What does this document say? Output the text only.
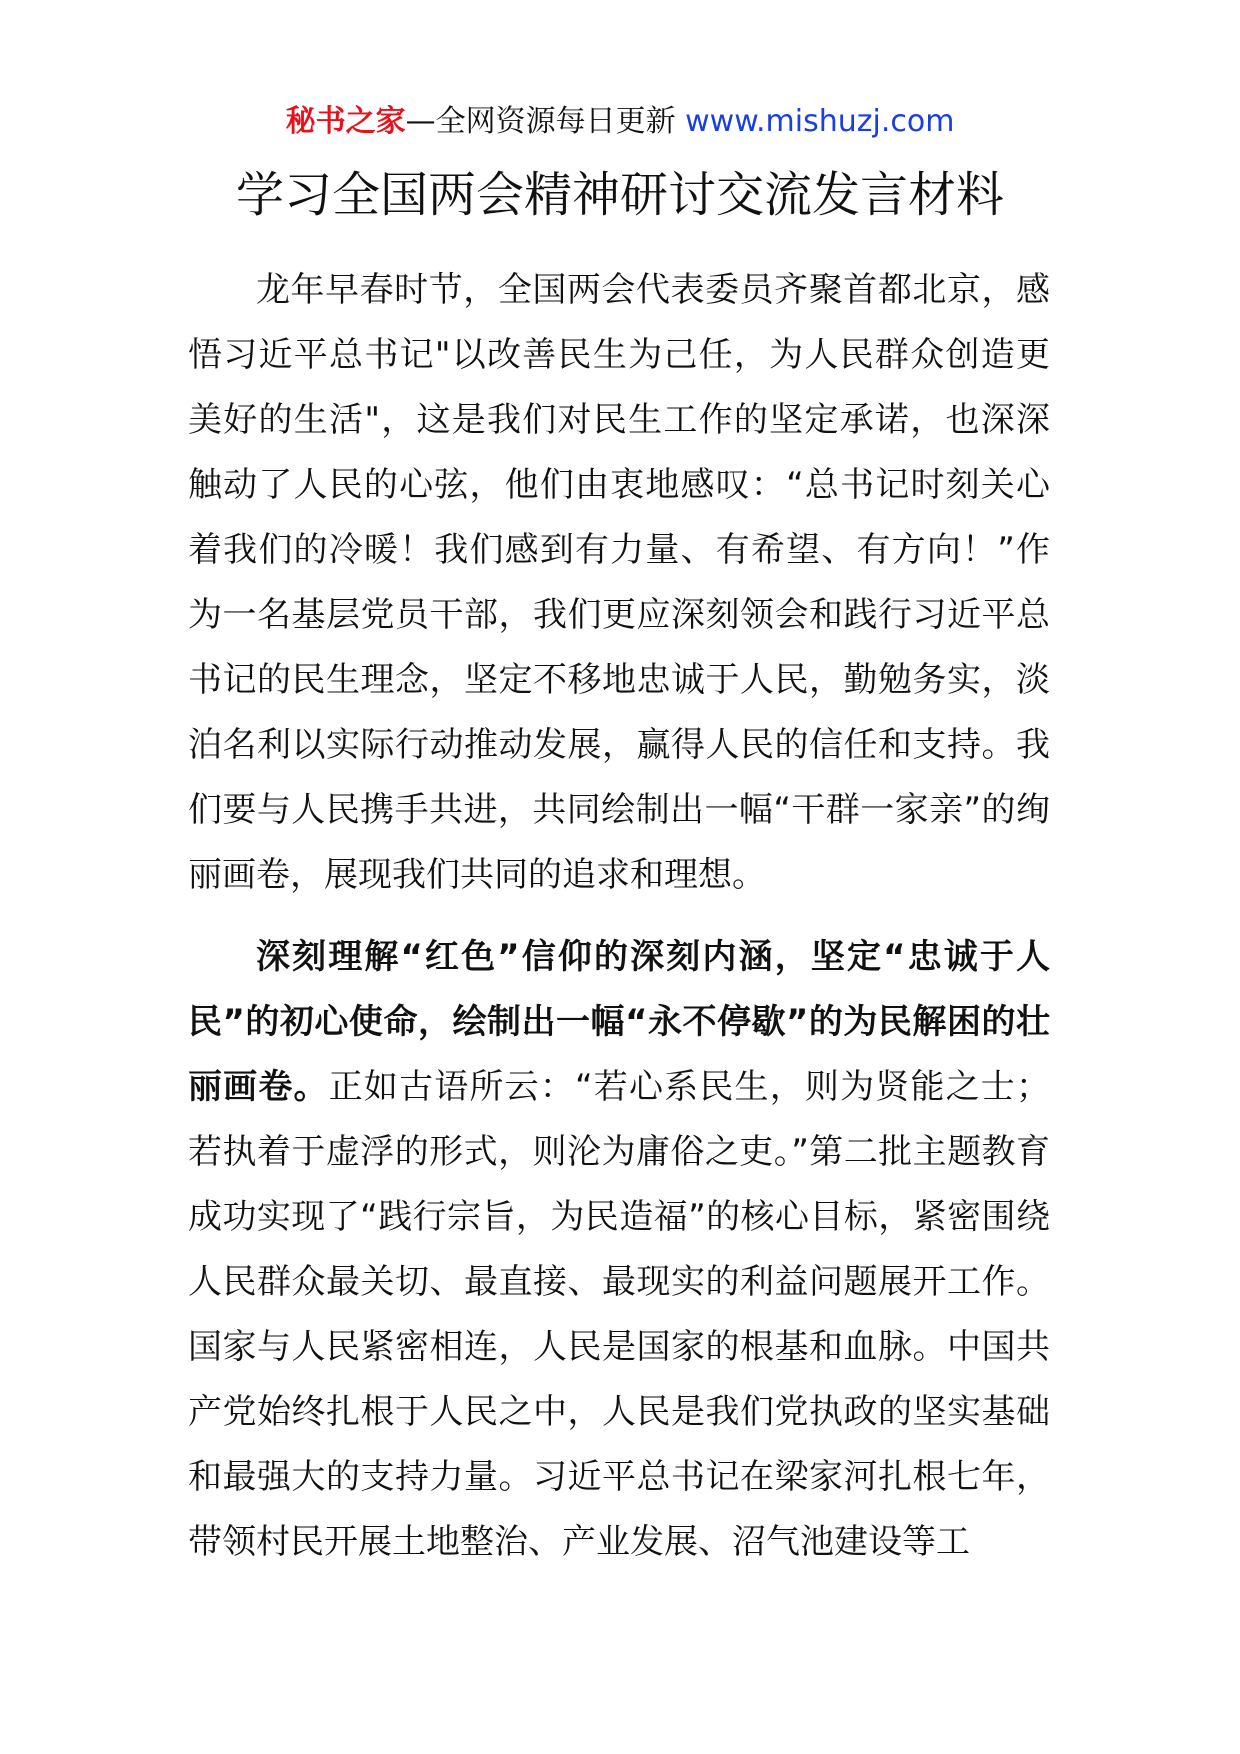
秘书之家—全网资源每日更新 www.mishuzj.com
学习全国两会精神研讨交流发言材料

龙年早春时节，全国两会代表委员齐聚首都北京，感悟习近平总书记"以改善民生为己任，为人民群众创造更美好的生活"，这是我们对民生工作的坚定承诺，也深深触动了人民的心弦，他们由衷地感叹：“总书记时刻关心着我们的冷暖！我们感到有力量、有希望、有方向！”作为一名基层党员干部，我们更应深刻领会和践行习近平总书记的民生理念，坚定不移地忠诚于人民，勤勉务实，淡泊名利以实际行动推动发展，赢得人民的信任和支持。我们要与人民携手共进，共同绘制出一幅“干群一家亲”的绚丽画卷，展现我们共同的追求和理想。

深刻理解“红色”信仰的深刻内涵，坚定“忠诚于人民”的初心使命，绘制出一幅“永不停歇”的为民解困的壮丽画卷。正如古语所云：“若心系民生，则为贤能之士；若执着于虚浮的形式，则沦为庸俗之吏。”第二批主题教育成功实现了“践行宗旨，为民造福”的核心目标，紧密围绕人民群众最关切、最直接、最现实的利益问题展开工作。国家与人民紧密相连，人民是国家的根基和血脉。中国共产党始终扎根于人民之中，人民是我们党执政的坚实基础和最强大的支持力量。习近平总书记在梁家河扎根七年，带领村民开展土地整治、产业发展、沼气池建设等工
